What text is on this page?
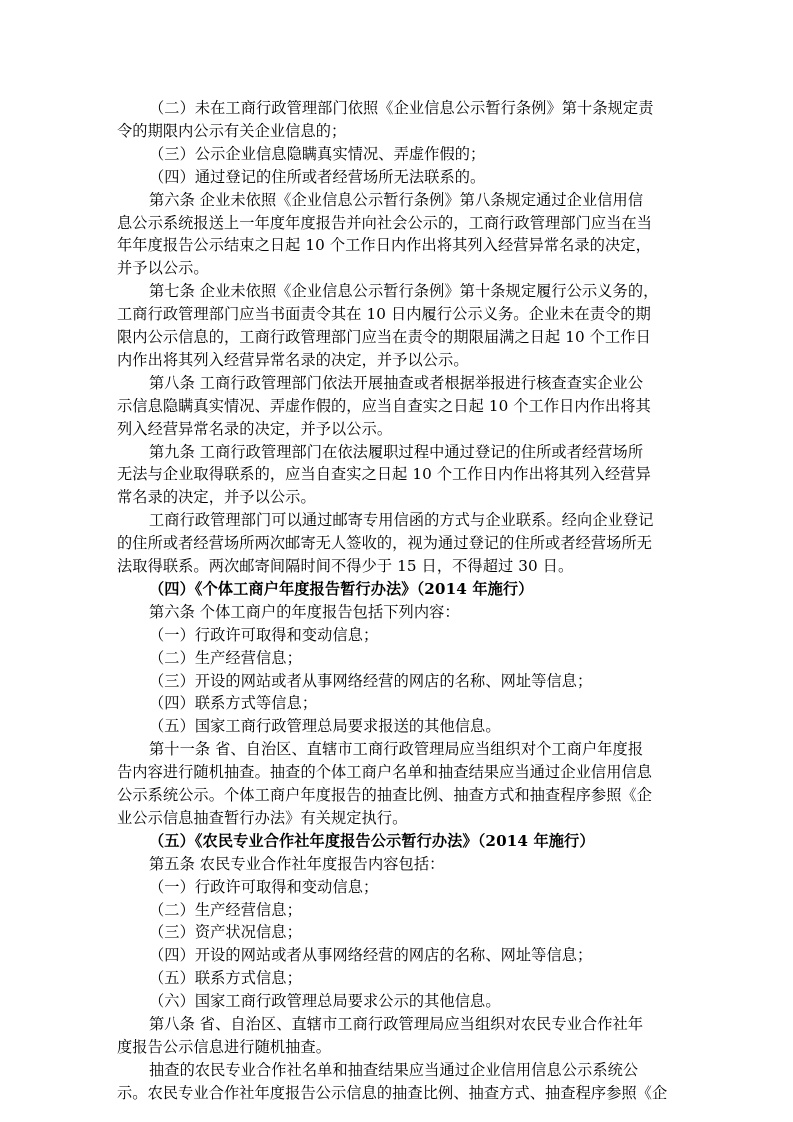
（二）未在工商行政管理部门依照《企业信息公示暂行条例》第十条规定责
令的期限内公示有关企业信息的；
（三）公示企业信息隐瞒真实情况、弄虚作假的；
（四）通过登记的住所或者经营场所无法联系的。
第六条 企业未依照《企业信息公示暂行条例》第八条规定通过企业信用信
息公示系统报送上一年度年度报告并向社会公示的，工商行政管理部门应当在当
年年度报告公示结束之日起 10 个工作日内作出将其列入经营异常名录的决定，
并予以公示。
第七条 企业未依照《企业信息公示暂行条例》第十条规定履行公示义务的，
工商行政管理部门应当书面责令其在 10 日内履行公示义务。企业未在责令的期
限内公示信息的，工商行政管理部门应当在责令的期限届满之日起 10 个工作日
内作出将其列入经营异常名录的决定，并予以公示。
第八条 工商行政管理部门依法开展抽查或者根据举报进行核查查实企业公
示信息隐瞒真实情况、弄虚作假的，应当自查实之日起 10 个工作日内作出将其
列入经营异常名录的决定，并予以公示。
第九条 工商行政管理部门在依法履职过程中通过登记的住所或者经营场所
无法与企业取得联系的，应当自查实之日起 10 个工作日内作出将其列入经营异
常名录的决定，并予以公示。
工商行政管理部门可以通过邮寄专用信函的方式与企业联系。经向企业登记
的住所或者经营场所两次邮寄无人签收的，视为通过登记的住所或者经营场所无
法取得联系。两次邮寄间隔时间不得少于 15 日，不得超过 30 日。
（四）《个体工商户年度报告暂行办法》（2014 年施行）
第六条 个体工商户的年度报告包括下列内容：
（一）行政许可取得和变动信息；
（二）生产经营信息；
（三）开设的网站或者从事网络经营的网店的名称、网址等信息；
（四）联系方式等信息；
（五）国家工商行政管理总局要求报送的其他信息。
第十一条 省、自治区、直辖市工商行政管理局应当组织对个工商户年度报
告内容进行随机抽查。抽查的个体工商户名单和抽查结果应当通过企业信用信息
公示系统公示。个体工商户年度报告的抽查比例、抽查方式和抽查程序参照《企
业公示信息抽查暂行办法》有关规定执行。
（五）《农民专业合作社年度报告公示暂行办法》（2014 年施行）
第五条 农民专业合作社年度报告内容包括：
（一）行政许可取得和变动信息；
（二）生产经营信息；
（三）资产状况信息；
（四）开设的网站或者从事网络经营的网店的名称、网址等信息；
（五）联系方式信息；
（六）国家工商行政管理总局要求公示的其他信息。
第八条 省、自治区、直辖市工商行政管理局应当组织对农民专业合作社年
度报告公示信息进行随机抽查。
抽查的农民专业合作社名单和抽查结果应当通过企业信用信息公示系统公
示。农民专业合作社年度报告公示信息的抽查比例、抽查方式、抽查程序参照《企
